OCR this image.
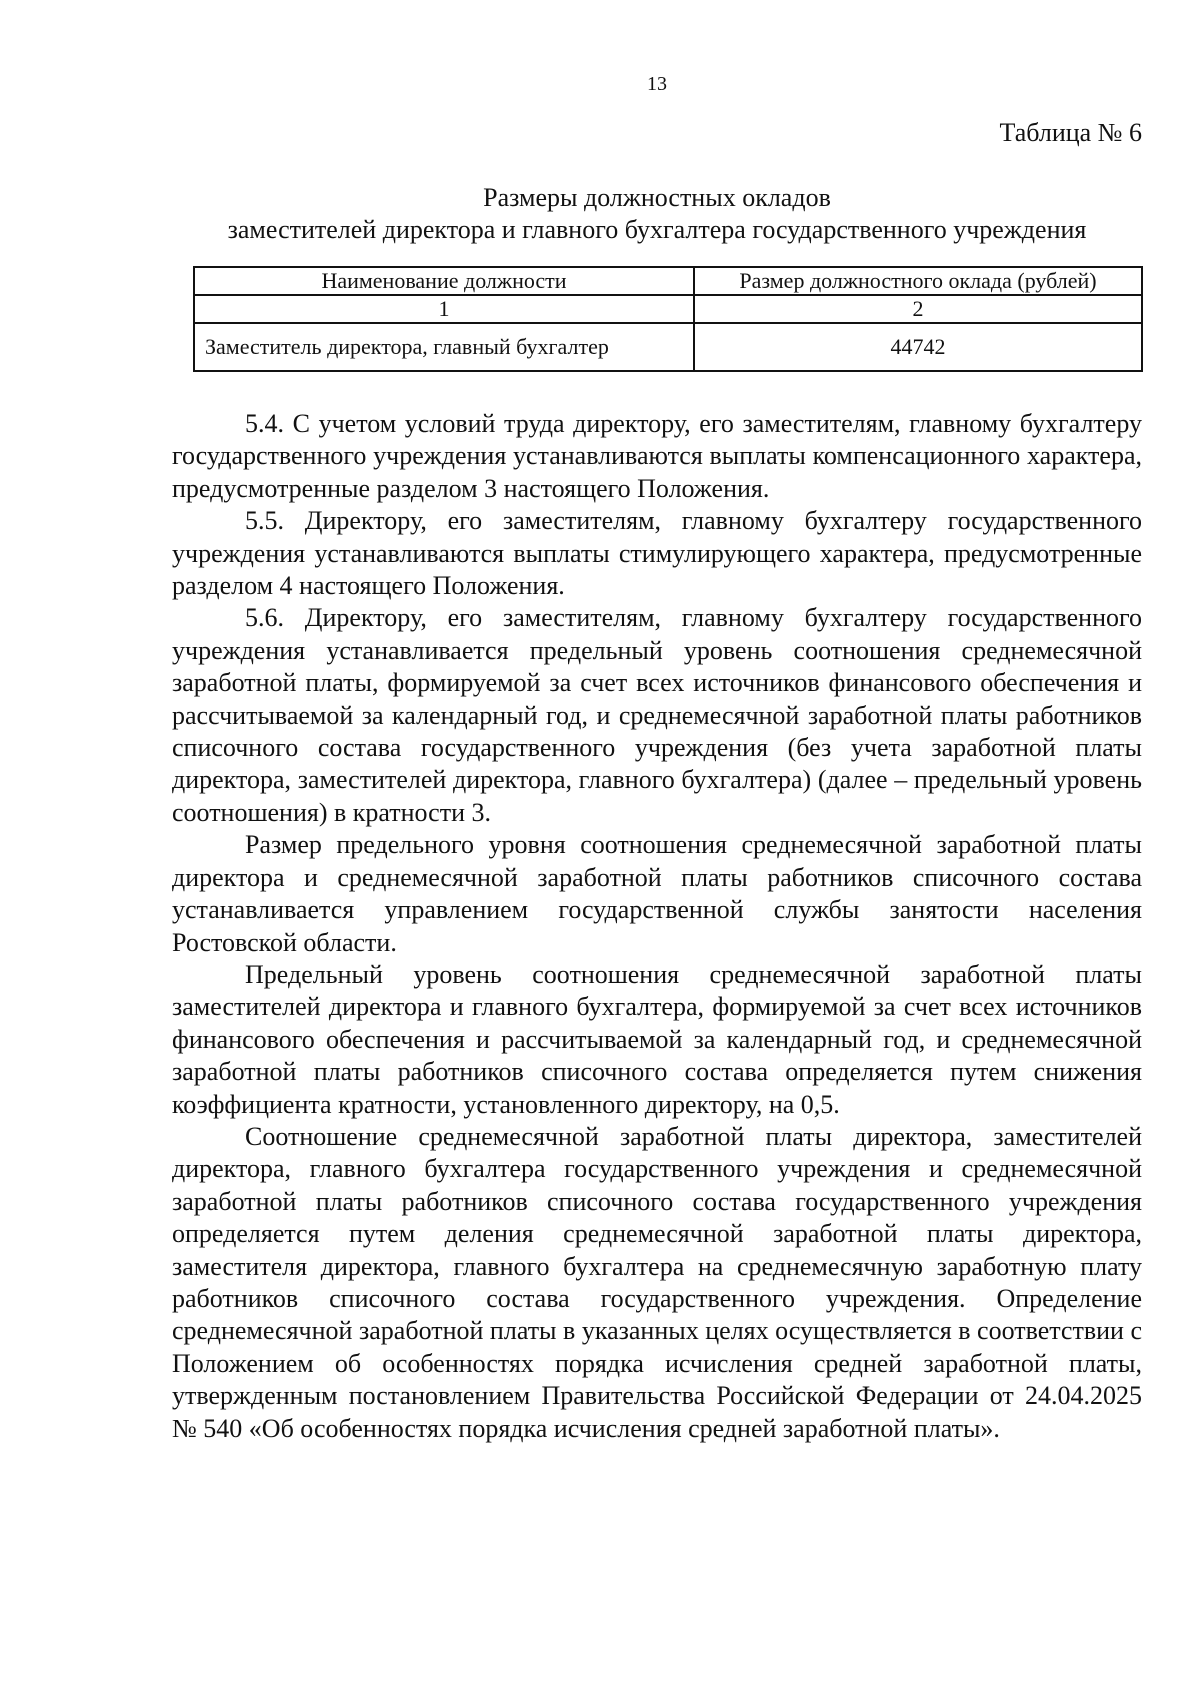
13
Таблица № 6
Размеры должностных окладов
заместителей директора и главного бухгалтера государственного учреждения
Наименование должности	Размер должностного оклада (рублей)
1	2
Заместитель директора, главный бухгалтер	44742

5.4. С учетом условий труда директору, его заместителям, главному бухгалтеру государственного учреждения устанавливаются выплаты компенсационного характера, предусмотренные разделом 3 настоящего Положения.

5.5. Директору, его заместителям, главному бухгалтеру государственного учреждения устанавливаются выплаты стимулирующего характера, предусмотренные разделом 4 настоящего Положения.

5.6. Директору, его заместителям, главному бухгалтеру государственного учреждения устанавливается предельный уровень соотношения среднемесячной заработной платы, формируемой за счет всех источников финансового обеспечения и рассчитываемой за календарный год, и среднемесячной заработной платы работников списочного состава государственного учреждения (без учета заработной платы директора, заместителей директора, главного бухгалтера) (далее – предельный уровень соотношения) в кратности 3.

Размер предельного уровня соотношения среднемесячной заработной платы директора и среднемесячной заработной платы работников списочного состава устанавливается управлением государственной службы занятости населения Ростовской области.

Предельный уровень соотношения среднемесячной заработной платы заместителей директора и главного бухгалтера, формируемой за счет всех источников финансового обеспечения и рассчитываемой за календарный год, и среднемесячной заработной платы работников списочного состава определяется путем снижения коэффициента кратности, установленного директору, на 0,5.

Соотношение среднемесячной заработной платы директора, заместителей директора, главного бухгалтера государственного учреждения и среднемесячной заработной платы работников списочного состава государственного учреждения определяется путем деления среднемесячной заработной платы директора, заместителя директора, главного бухгалтера на среднемесячную заработную плату работников списочного состава государственного учреждения. Определение среднемесячной заработной платы в указанных целях осуществляется в соответствии с Положением об особенностях порядка исчисления средней заработной платы, утвержденным постановлением Правительства Российской Федерации от 24.04.2025 № 540 «Об особенностях порядка исчисления средней заработной платы».
